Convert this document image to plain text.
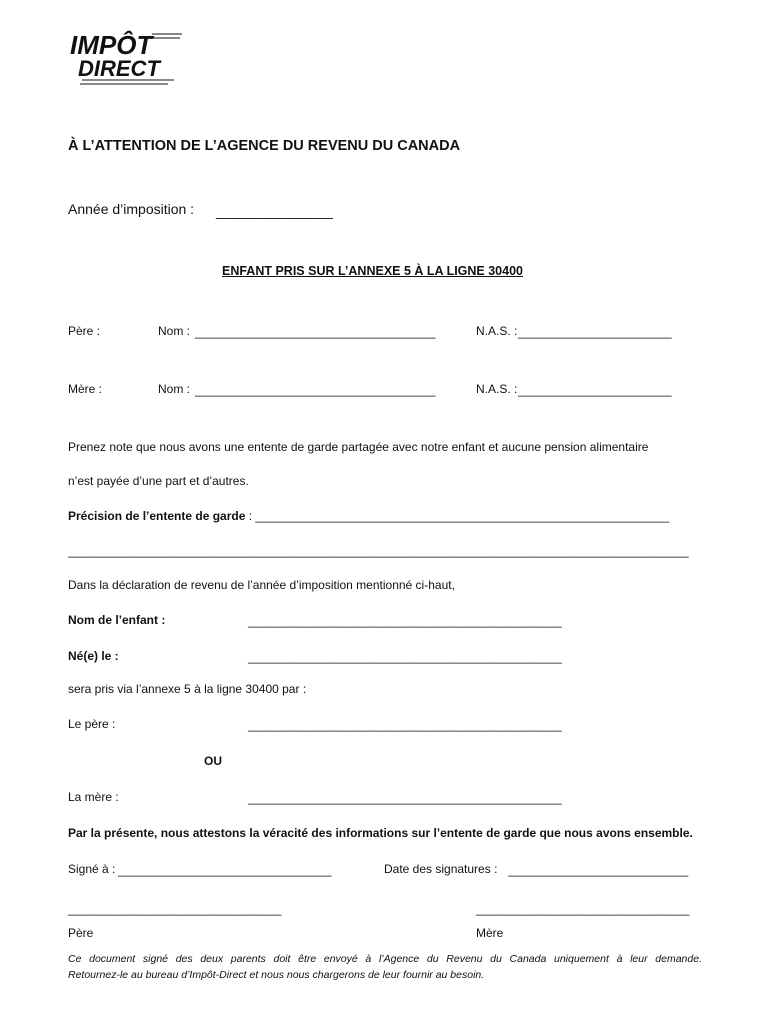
IMPÔT
DIRECT
À L’ATTENTION DE L’AGENCE DU REVENU DU CANADA
Année d’imposition : _______________
ENFANT PRIS SUR L’ANNEXE 5 À LA LIGNE 30400
Père :	Nom : ____________________________________	N.A.S. : _______________________
Mère :	Nom : ____________________________________	N.A.S. : _______________________
Prenez note que nous avons une entente de garde partagée avec notre enfant et aucune pension alimentaire
n’est payée d’une part et d’autres.
Précision de l’entente de garde : ______________________________________________________________
_____________________________________________________________________________________________
Dans la déclaration de revenu de l’année d’imposition mentionné ci-haut,
Nom de l’enfant :	_______________________________________________
Né(e) le :	_______________________________________________
sera pris via l’annexe 5 à la ligne 30400 par :
Le père :	_______________________________________________
OU
La mère :	_______________________________________________
Par la présente, nous attestons la véracité des informations sur l’entente de garde que nous avons ensemble.
Signé à : ________________________________	Date des signatures : ___________________________
________________________________	________________________________
Père	Mère
Ce document signé des deux parents doit être envoyé à l’Agence du Revenu du Canada uniquement à leur demande.
Retournez-le au bureau d’Impôt-Direct et nous nous chargerons de leur fournir au besoin.
